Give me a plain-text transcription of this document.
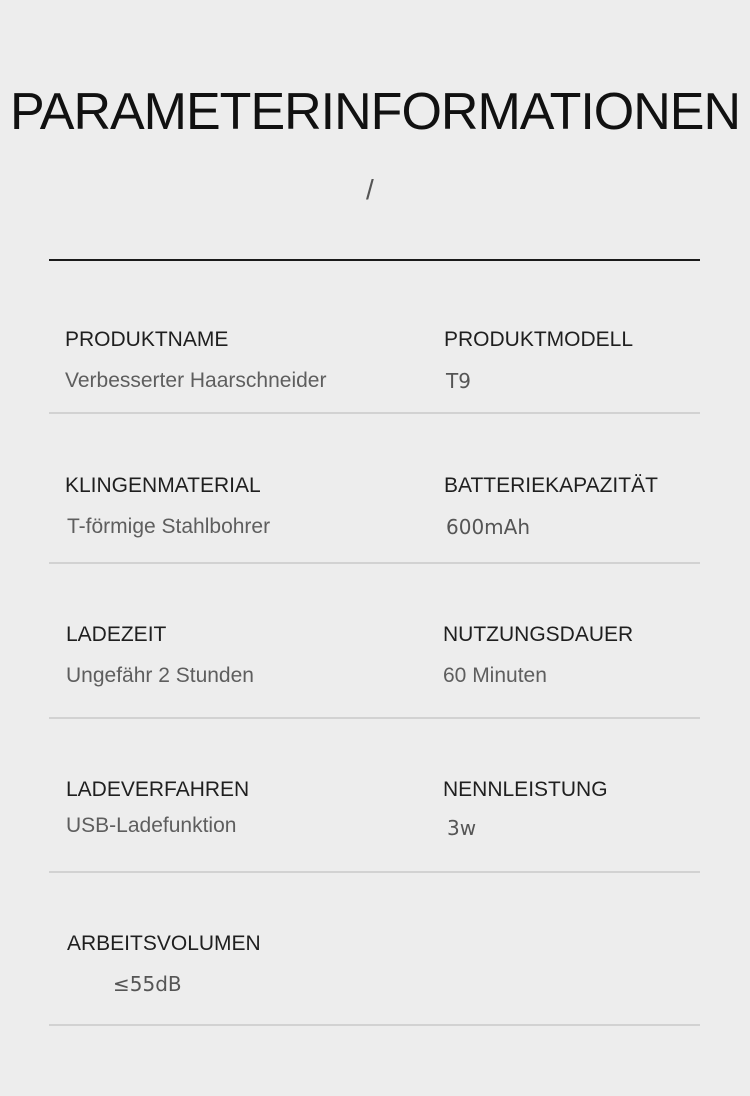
PARAMETERINFORMATIONEN
/
PRODUKTNAME
Verbesserter Haarschneider
PRODUKTMODELL
T9
KLINGENMATERIAL
T-förmige Stahlbohrer
BATTERIEKAPAZITÄT
600mAh
LADEZEIT
Ungefähr 2 Stunden
NUTZUNGSDAUER
60 Minuten
LADEVERFAHREN
USB-Ladefunktion
NENNLEISTUNG
3w
ARBEITSVOLUMEN
≤55dB
